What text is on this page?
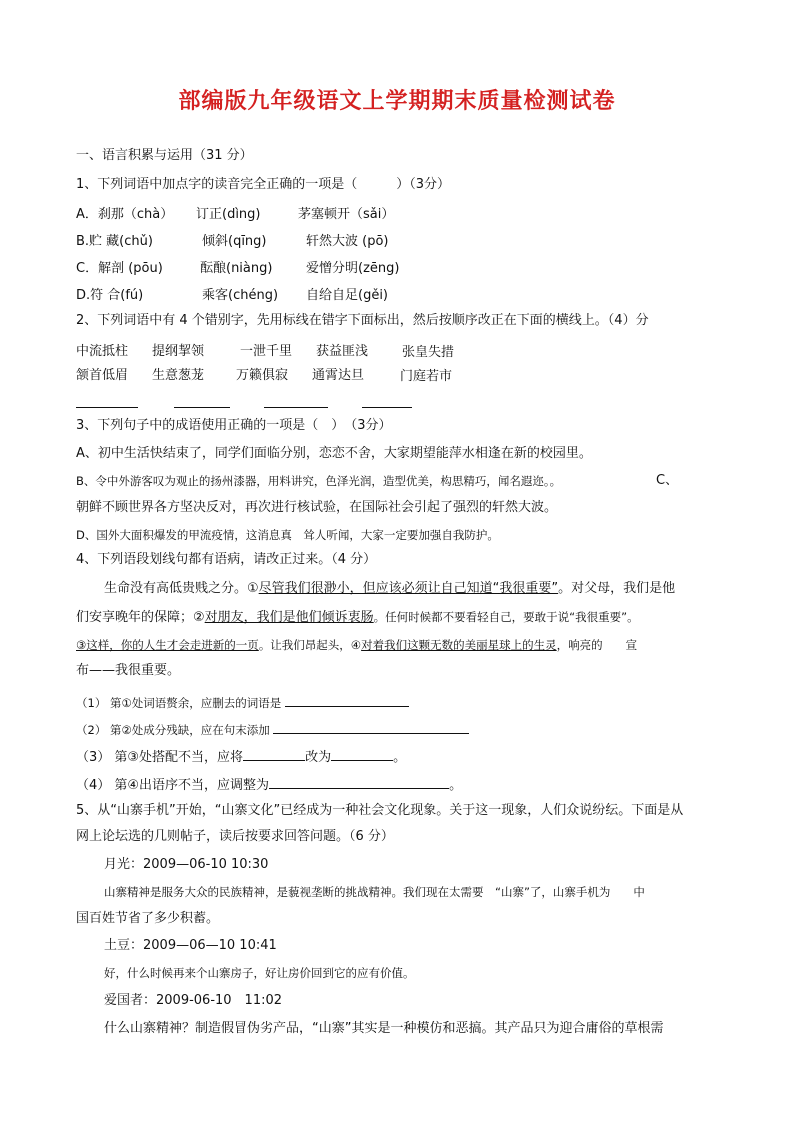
部编版九年级语文上学期期末质量检测试卷
一、语言积累与运用（31 分）
1、下列词语中加点字的读音完全正确的一项是（　　　）（3分）
A．刹那（chà） 订正(dìng)	茅塞顿开（sǎi）
B.贮 藏(chǔ)	倾斜(qīng)	轩然大波 (pō)
C．解剖 (pōu)	酝酿(niàng)	爱憎分明(zēng)
D.符 合(fú)	乘客(chéng) 自给自足(gěi)
2、下列词语中有 4 个错别字，先用标线在错字下面标出，然后按顺序改正在下面的横线上。（4）分
中流抵柱 提纲挈领	一泄千里 获益匪浅	张皇失措
颔首低眉 生意葱茏 万籁俱寂 通霄达旦	门庭若市
3、下列句子中的成语使用正确的一项是（　）　（3分）
A、初中生活快结束了，同学们面临分别，恋恋不舍，大家期望能萍水相逢在新的校园里。
B、令中外游客叹为观止的扬州漆器，用料讲究，色泽光润，造型优美，构思精巧，闻名遐迩。。	C、
朝鲜不顾世界各方坚决反对，再次进行核试验，在国际社会引起了强烈的轩然大波。
D、国外大面积爆发的甲流疫情，这消息真　耸人听闻，大家一定要加强自我防护。
4、下列语段划线句都有语病，请改正过来。（4 分）
生命没有高低贵贱之分。①尽管我们很渺小，但应该必须让自己知道“我很重要”。对父母，我们是他
们安享晚年的保障；②对朋友，我们是他们倾诉衷肠。任何时候都不要看轻自己，要敢于说“我很重要”。
③这样，你的人生才会走进新的一页。让我们昂起头，④对着我们这颗无数的美丽星球上的生灵，响亮的　　宣
布——我很重要。
（1） 第①处词语赘余，应删去的词语是
（2） 第②处成分残缺，应在句末添加
（3） 第③处搭配不当，应将	改为	。
（4） 第④出语序不当，应调整为	。
5、从“山寨手机”开始，“山寨文化”已经成为一种社会文化现象。关于这一现象，人们众说纷纭。下面是从
网上论坛选的几则帖子，读后按要求回答问题。（6 分）
月光：2009—06-10 10:30
山寨精神是服务大众的民族精神，是藐视垄断的挑战精神。我们现在太需要　“山寨”了，山寨手机为　　中
国百姓节省了多少积蓄。
土豆：2009—06—10 10:41
好，什么时候再来个山寨房子，好让房价回到它的应有价值。
爱国者：2009-06-10　11:02
什么山寨精神？制造假冒伪劣产品，“山寨”其实是一种模仿和恶搞。其产品只为迎合庸俗的草根需
